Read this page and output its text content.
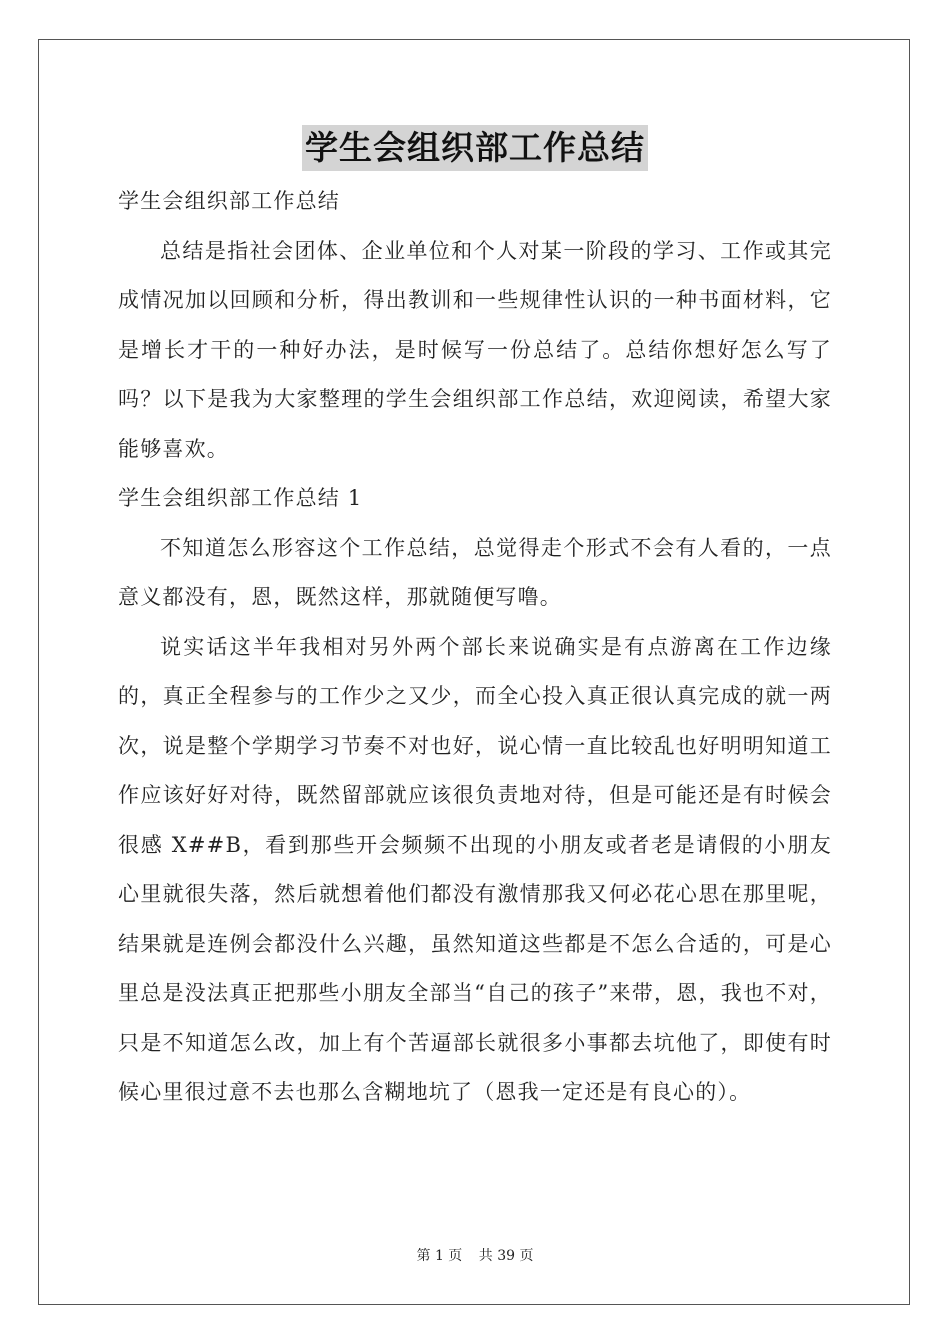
学生会组织部工作总结

学生会组织部工作总结

总结是指社会团体、企业单位和个人对某一阶段的学习、工作或其完成情况加以回顾和分析，得出教训和一些规律性认识的一种书面材料，它是增长才干的一种好办法，是时候写一份总结了。总结你想好怎么写了吗？以下是我为大家整理的学生会组织部工作总结，欢迎阅读，希望大家能够喜欢。

学生会组织部工作总结 1

不知道怎么形容这个工作总结，总觉得走个形式不会有人看的，一点意义都没有，恩，既然这样，那就随便写噜。

说实话这半年我相对另外两个部长来说确实是有点游离在工作边缘的，真正全程参与的工作少之又少，而全心投入真正很认真完成的就一两次，说是整个学期学习节奏不对也好，说心情一直比较乱也好明明知道工作应该好好对待，既然留部就应该很负责地对待，但是可能还是有时候会很感 X##B，看到那些开会频频不出现的小朋友或者老是请假的小朋友心里就很失落，然后就想着他们都没有激情那我又何必花心思在那里呢，结果就是连例会都没什么兴趣，虽然知道这些都是不怎么合适的，可是心里总是没法真正把那些小朋友全部当“自己的孩子”来带，恩，我也不对，只是不知道怎么改，加上有个苦逼部长就很多小事都去坑他了，即使有时候心里很过意不去也那么含糊地坑了（恩我一定还是有良心的）。

第 1 页 共 39 页
